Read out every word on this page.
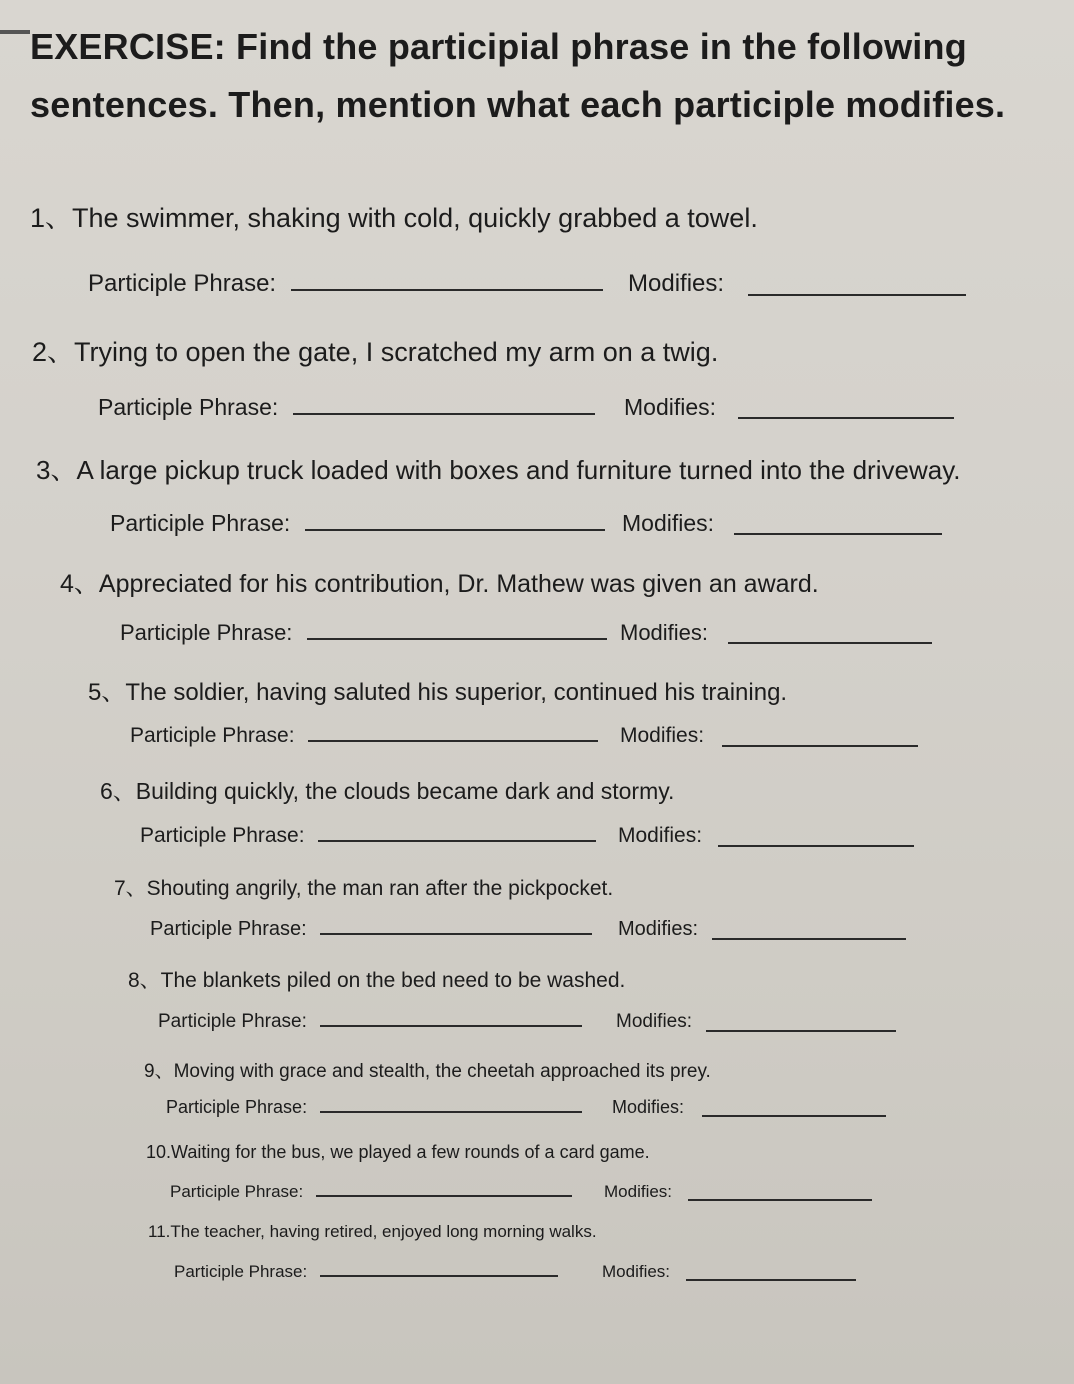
EXERCISE: Find the participial phrase in the following sentences. Then, mention what each participle modifies.
1、The swimmer, shaking with cold, quickly grabbed a towel.
Participle Phrase:	Modifies:
2、Trying to open the gate, I scratched my arm on a twig.
Participle Phrase:	Modifies:
3、A large pickup truck loaded with boxes and furniture turned into the driveway.
Participle Phrase:	Modifies:
4、Appreciated for his contribution, Dr. Mathew was given an award.
Participle Phrase:	Modifies:
5、The soldier, having saluted his superior, continued his training.
Participle Phrase:	Modifies:
6、Building quickly, the clouds became dark and stormy.
Participle Phrase:	Modifies:
7、Shouting angrily, the man ran after the pickpocket.
Participle Phrase:	Modifies:
8、The blankets piled on the bed need to be washed.
Participle Phrase:	Modifies:
9、Moving with grace and stealth, the cheetah approached its prey.
Participle Phrase:	Modifies:
10.Waiting for the bus, we played a few rounds of a card game.
Participle Phrase:	Modifies:
11.The teacher, having retired, enjoyed long morning walks.
Participle Phrase:	Modifies:
